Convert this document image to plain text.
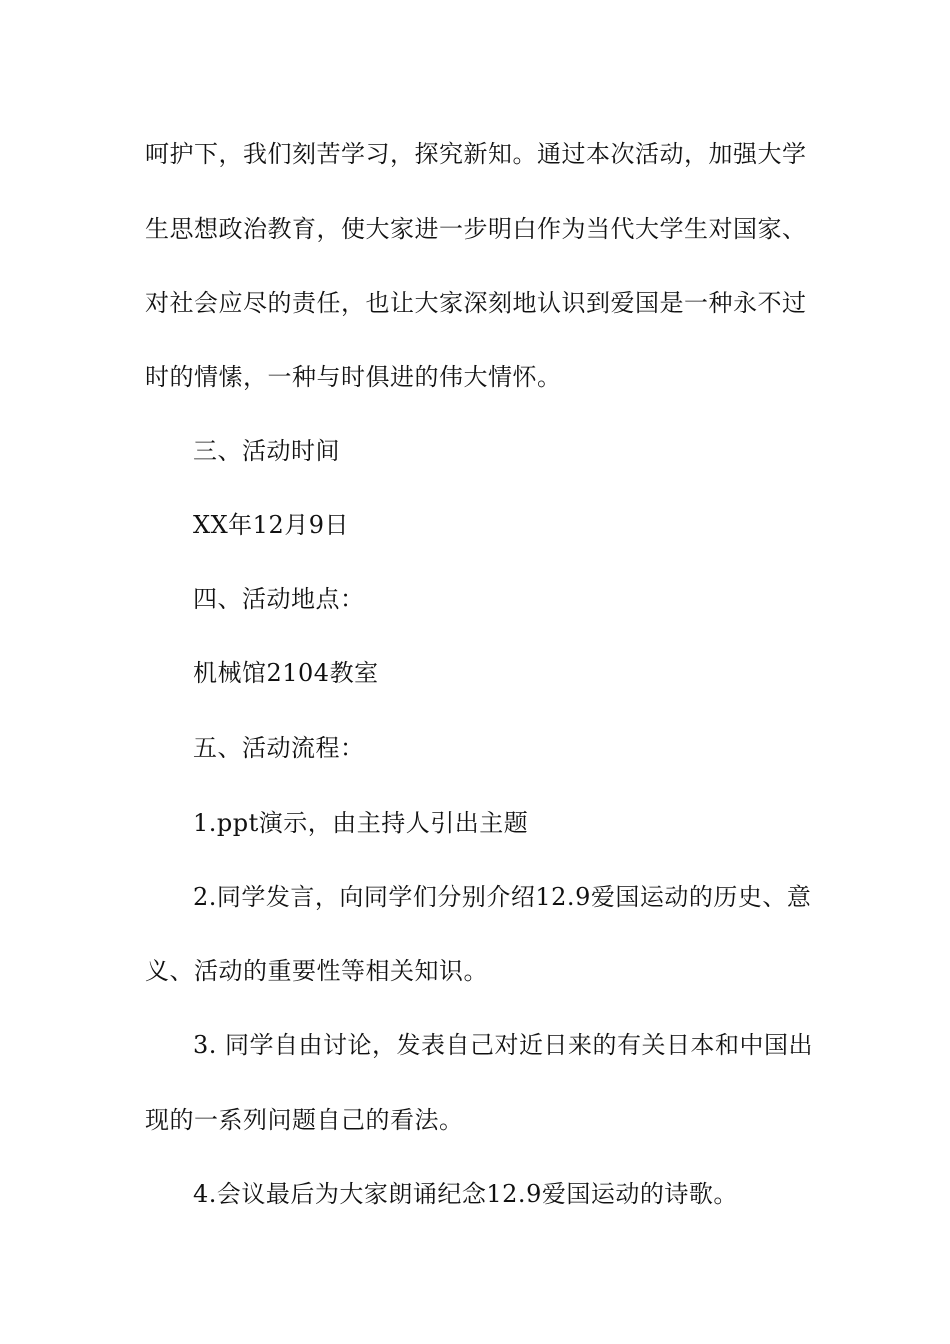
呵护下，我们刻苦学习，探究新知。通过本次活动，加强大学
生思想政治教育，使大家进一步明白作为当代大学生对国家、
对社会应尽的责任，也让大家深刻地认识到爱国是一种永不过
时的情愫，一种与时俱进的伟大情怀。
三、活动时间
XX年12月9日
四、活动地点：
机械馆2104教室
五、活动流程：
1.ppt演示，由主持人引出主题
2.同学发言，向同学们分别介绍12.9爱国运动的历史、意
义、活动的重要性等相关知识。
3. 同学自由讨论，发表自己对近日来的有关日本和中国出
现的一系列问题自己的看法。
4.会议最后为大家朗诵纪念12.9爱国运动的诗歌。
